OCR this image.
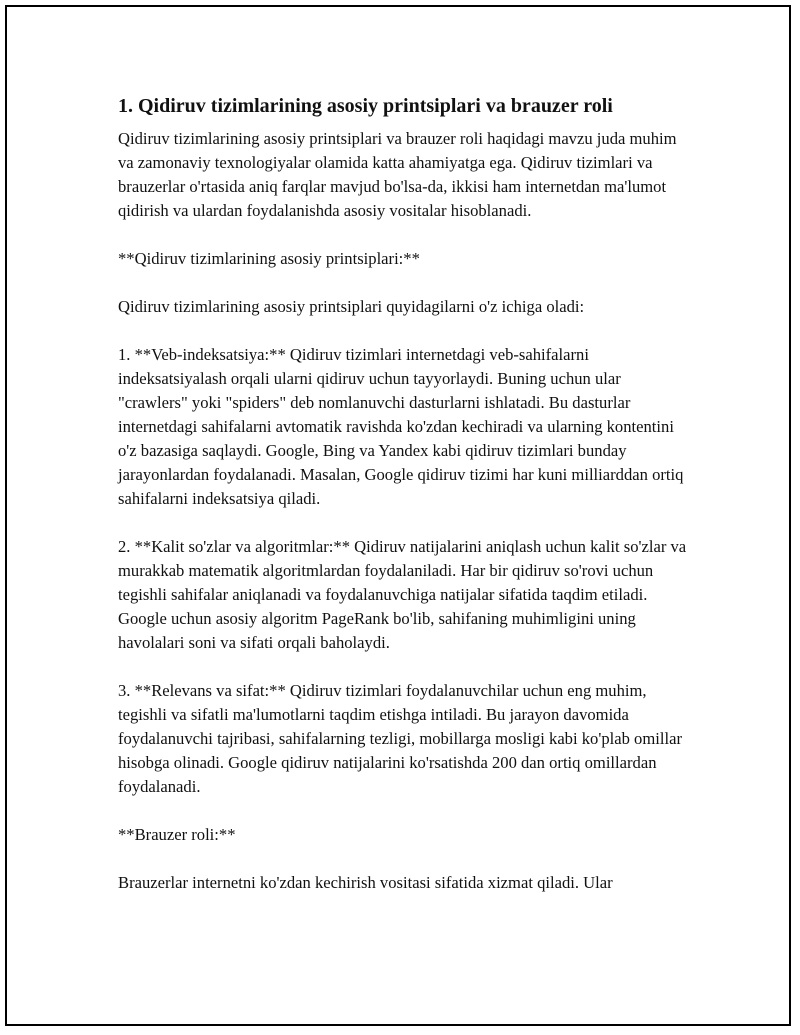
1. Qidiruv tizimlarining asosiy printsiplari va brauzer roli

Qidiruv tizimlarining asosiy printsiplari va brauzer roli haqidagi mavzu juda muhim va zamonaviy texnologiyalar olamida katta ahamiyatga ega. Qidiruv tizimlari va brauzerlar o'rtasida aniq farqlar mavjud bo'lsa-da, ikkisi ham internetdan ma'lumot qidirish va ulardan foydalanishda asosiy vositalar hisoblanadi.

**Qidiruv tizimlarining asosiy printsiplari:**

Qidiruv tizimlarining asosiy printsiplari quyidagilarni o'z ichiga oladi:

1. **Veb-indeksatsiya:** Qidiruv tizimlari internetdagi veb-sahifalarni indeksatsiyalash orqali ularni qidiruv uchun tayyorlaydi. Buning uchun ular "crawlers" yoki "spiders" deb nomlanuvchi dasturlarni ishlatadi. Bu dasturlar internetdagi sahifalarni avtomatik ravishda ko'zdan kechiradi va ularning kontentini o'z bazasiga saqlaydi. Google, Bing va Yandex kabi qidiruv tizimlari bunday jarayonlardan foydalanadi. Masalan, Google qidiruv tizimi har kuni milliarddan ortiq sahifalarni indeksatsiya qiladi.

2. **Kalit so'zlar va algoritmlar:** Qidiruv natijalarini aniqlash uchun kalit so'zlar va murakkab matematik algoritmlardan foydalaniladi. Har bir qidiruv so'rovi uchun tegishli sahifalar aniqlanadi va foydalanuvchiga natijalar sifatida taqdim etiladi. Google uchun asosiy algoritm PageRank bo'lib, sahifaning muhimligini uning havolalari soni va sifati orqali baholaydi.

3. **Relevans va sifat:** Qidiruv tizimlari foydalanuvchilar uchun eng muhim, tegishli va sifatli ma'lumotlarni taqdim etishga intiladi. Bu jarayon davomida foydalanuvchi tajribasi, sahifalarning tezligi, mobillarga mosligi kabi ko'plab omillar hisobga olinadi. Google qidiruv natijalarini ko'rsatishda 200 dan ortiq omillardan foydalanadi.

**Brauzer roli:**

Brauzerlar internetni ko'zdan kechirish vositasi sifatida xizmat qiladi. Ular
